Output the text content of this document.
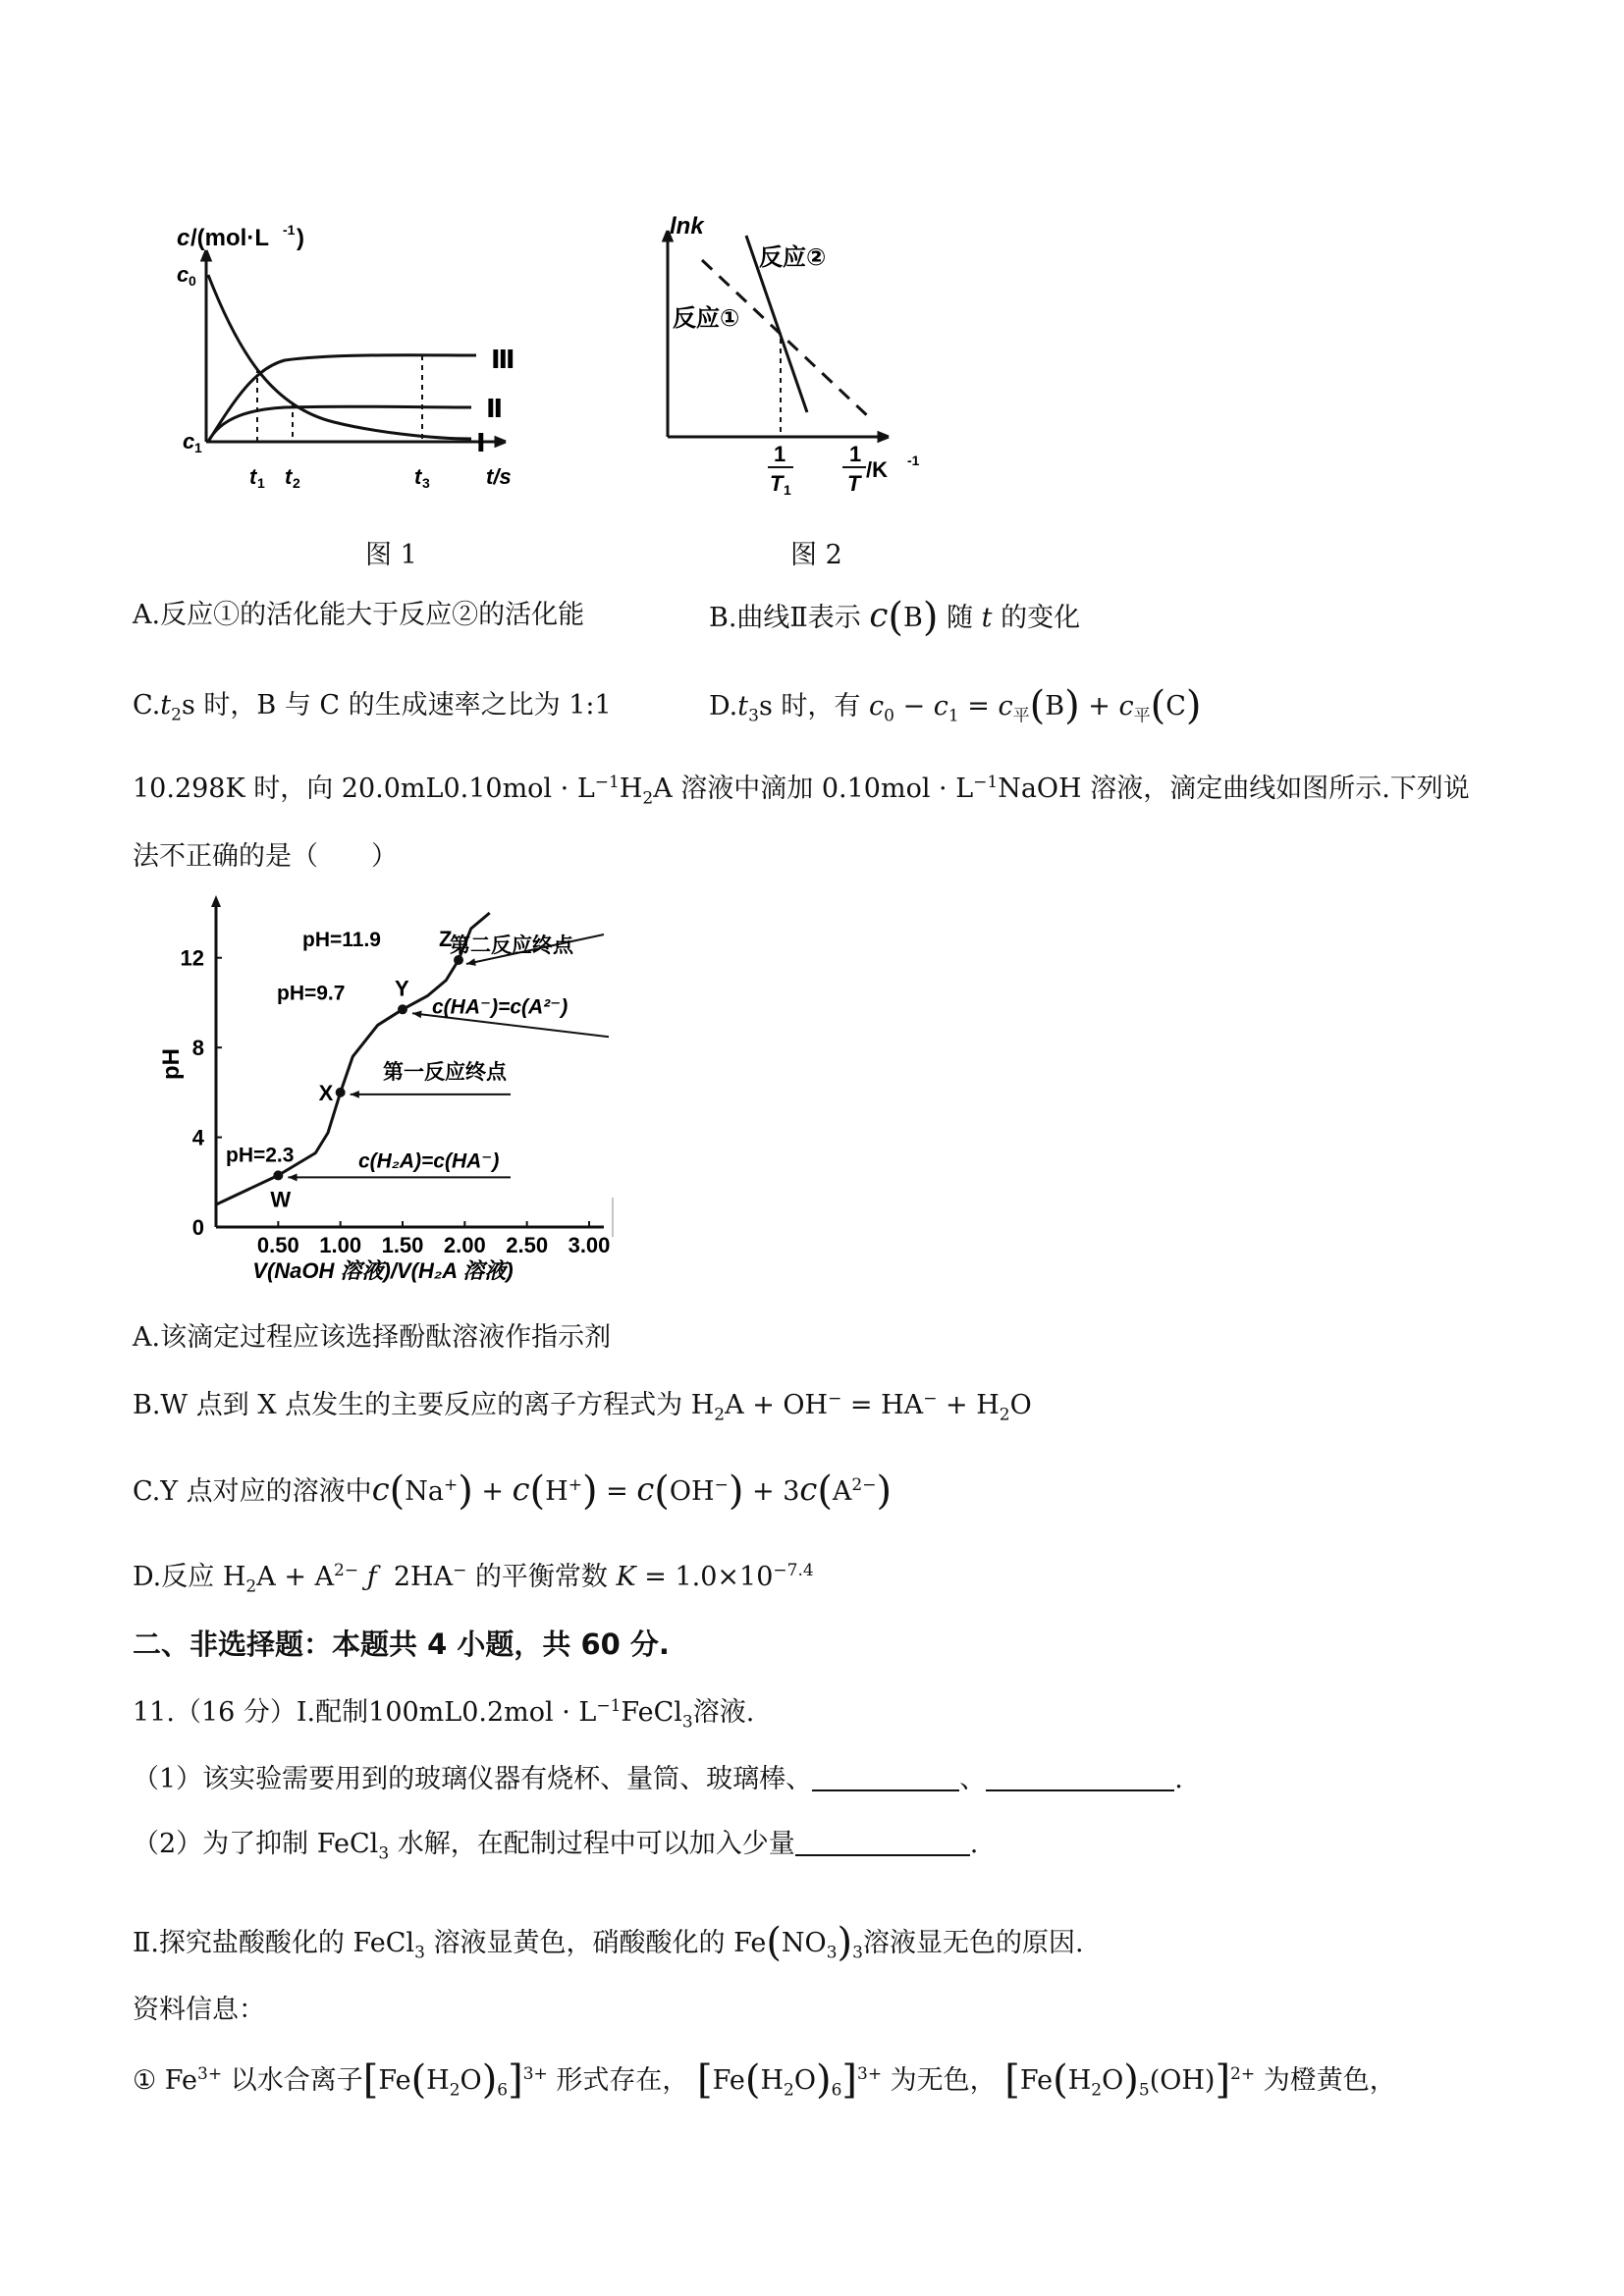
c /(mol·L -1 )
c 0
c 1
Ⅲ
Ⅱ
Ⅰ
t 1 t 2	t 3	t/s
图 1
lnk
反应②
反应①
1
T 1
1
T
/K -1
图 2
A.反应①的活化能大于反应②的活化能	B.曲线Ⅱ表示 c(B) 随 t 的变化
$C.t_2s$ 时，B 与 C 的生成速率之比为 1:1	$D.t_3s$ 时，有 $c_0 - c_1 = c_平(B) + c_平(C)$
10.298K 时，向 $20.0mL0.10mol \cdot L^{-1}H_2A$ 溶液中滴加 $0.10mol \cdot L^{-1}NaOH$ 溶液，滴定曲线如图所示.下列说
法不正确的是（　　）
0.50 1.00 1.50 2.00 2.50 3.00
0
4
8
12
V(NaOH 溶液)/V(H₂A 溶液)
pH
W
X
Y
Z
pH=11.9
pH=9.7
pH=2.3
第二反应终点
c(HA⁻)=c(A²⁻)
第一反应终点
c(H₂A)=c(HA⁻)
A.该滴定过程应该选择酚酞溶液作指示剂
B.W 点到 X 点发生的主要反应的离子方程式为 $H_2A + OH^- = HA^- + H_2O$
C.Y 点对应的溶液中$c(Na^+) + c(H^+) = c(OH^-) + 3c(A^{2-})$
D.反应 $H_2A + A^{2-}$ ƒ  2HA− 的平衡常数 $K = 1.0\times 10^{-7.4}$
二、非选择题：本题共 4 小题，共 60 分.
11.（16 分）Ⅰ.配制$100mL0.2mol \cdot L^{-1}FeCl_3$溶液.
（1）该实验需要用到的玻璃仪器有烧杯、量筒、玻璃棒、	、	.
（2）为了抑制 FeCl$_3$ 水解，在配制过程中可以加入少量	.
Ⅱ.探究盐酸酸化的 FeCl$_3$ 溶液显黄色，硝酸酸化的 $Fe(NO_3)_3$溶液显无色的原因.
资料信息：
① $Fe^{3+}$ 以水合离子$[Fe(H_2O)_6]^{3+}$ 形式存在， $[Fe(H_2O)_6]^{3+}$ 为无色， $[Fe(H_2O)_5(OH)]^{2+}$ 为橙黄色，
